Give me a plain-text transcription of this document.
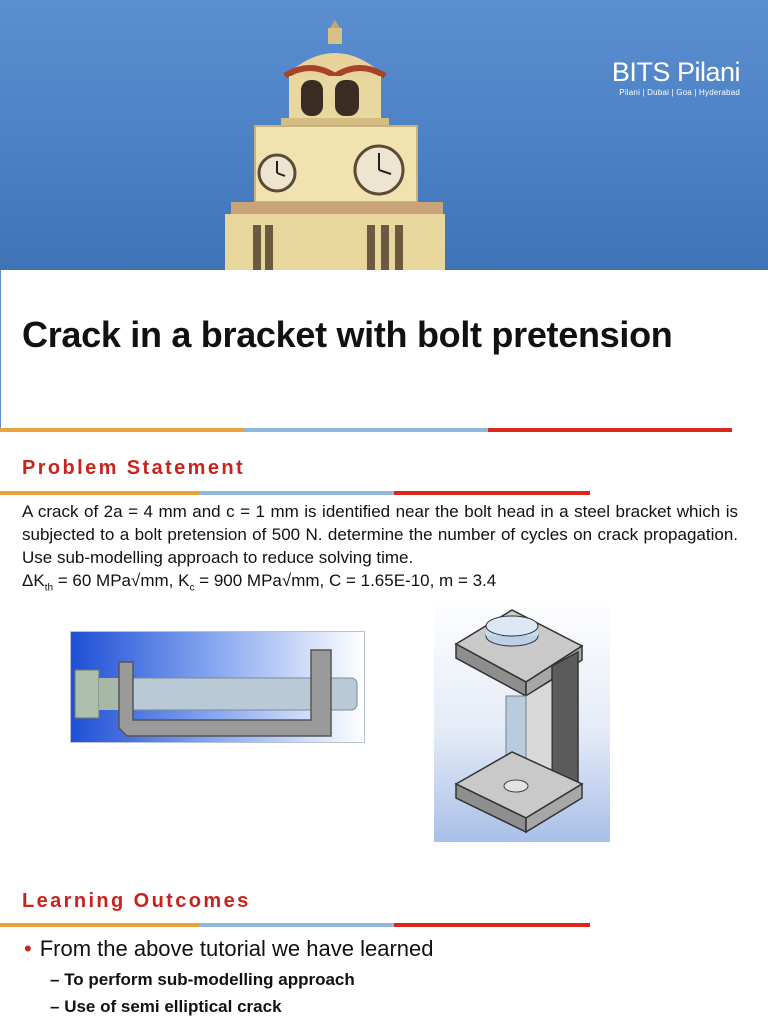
BITS Pilani
Pilani | Dubai | Goa | Hyderabad
Crack in a bracket with bolt pretension
Problem Statement
A crack of 2a = 4 mm and c = 1 mm is identified near the bolt head in a steel bracket which is subjected to a bolt pretension of 500 N. determine the number of cycles on crack propagation. Use sub-modelling approach to reduce solving time.
$\Delta K_{th} = 60$ MPa√mm, $K_c = 900$ MPa√mm, C = 1.65E-10, m = 3.4
Learning Outcomes
• From the above tutorial we have learned
– To perform sub-modelling approach
– Use of semi elliptical crack
